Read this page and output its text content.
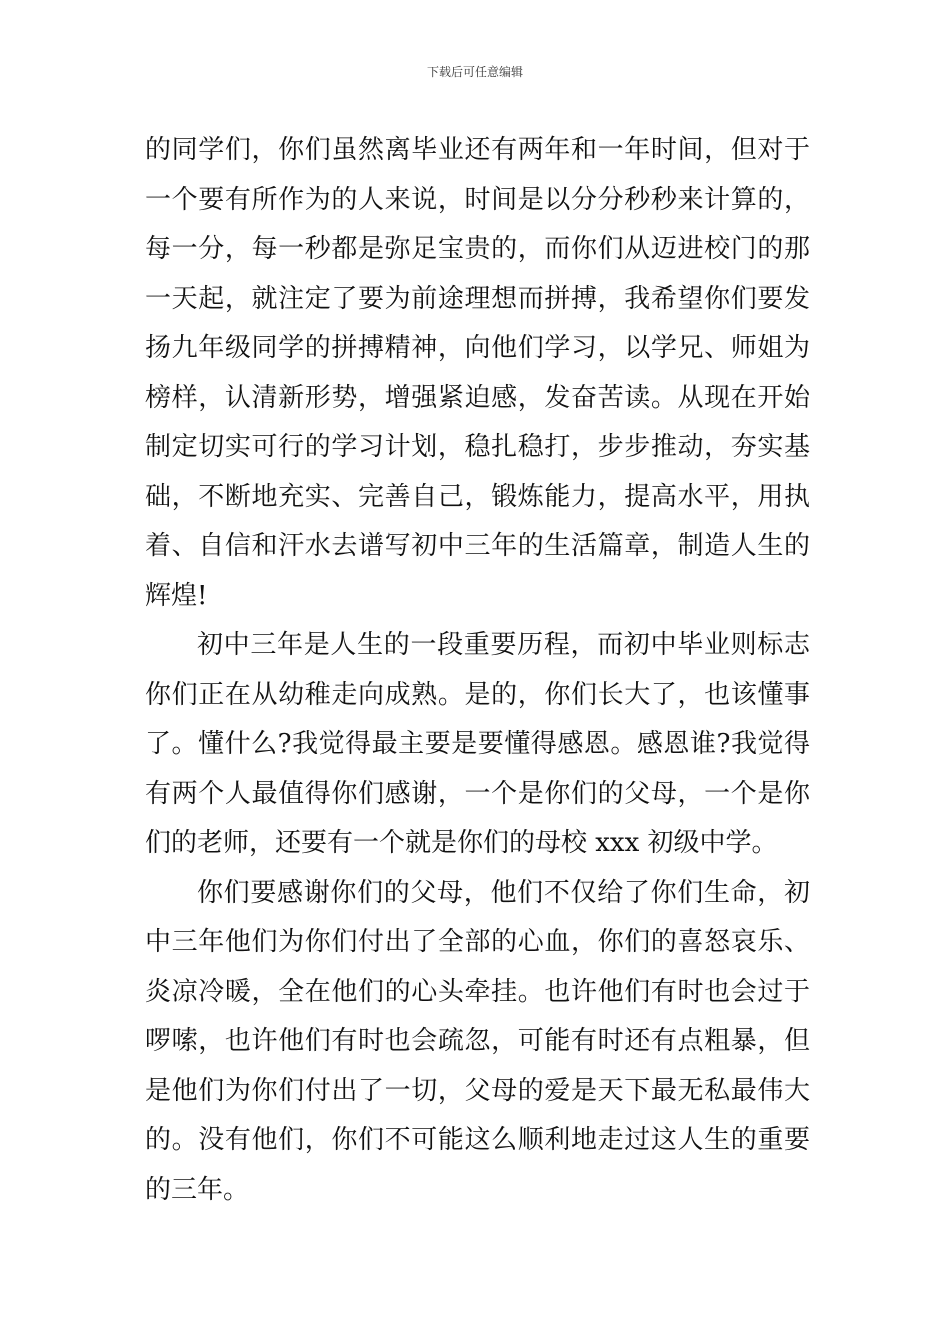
下载后可任意编辑
的同学们，你们虽然离毕业还有两年和一年时间，但对于
一个要有所作为的人来说，时间是以分分秒秒来计算的，
每一分，每一秒都是弥足宝贵的，而你们从迈进校门的那
一天起，就注定了要为前途理想而拼搏，我希望你们要发
扬九年级同学的拼搏精神，向他们学习，以学兄、师姐为
榜样，认清新形势，增强紧迫感，发奋苦读。从现在开始
制定切实可行的学习计划，稳扎稳打，步步推动，夯实基
础，不断地充实、完善自己，锻炼能力，提高水平，用执
着、自信和汗水去谱写初中三年的生活篇章，制造人生的
辉煌!
初中三年是人生的一段重要历程，而初中毕业则标志
你们正在从幼稚走向成熟。是的，你们长大了，也该懂事
了。懂什么?我觉得最主要是要懂得感恩。感恩谁?我觉得
有两个人最值得你们感谢，一个是你们的父母，一个是你
们的老师，还要有一个就是你们的母校 xxx 初级中学。
你们要感谢你们的父母，他们不仅给了你们生命，初
中三年他们为你们付出了全部的心血，你们的喜怒哀乐、
炎凉冷暖，全在他们的心头牵挂。也许他们有时也会过于
啰嗦，也许他们有时也会疏忽，可能有时还有点粗暴，但
是他们为你们付出了一切，父母的爱是天下最无私最伟大
的。没有他们，你们不可能这么顺利地走过这人生的重要
的三年。
